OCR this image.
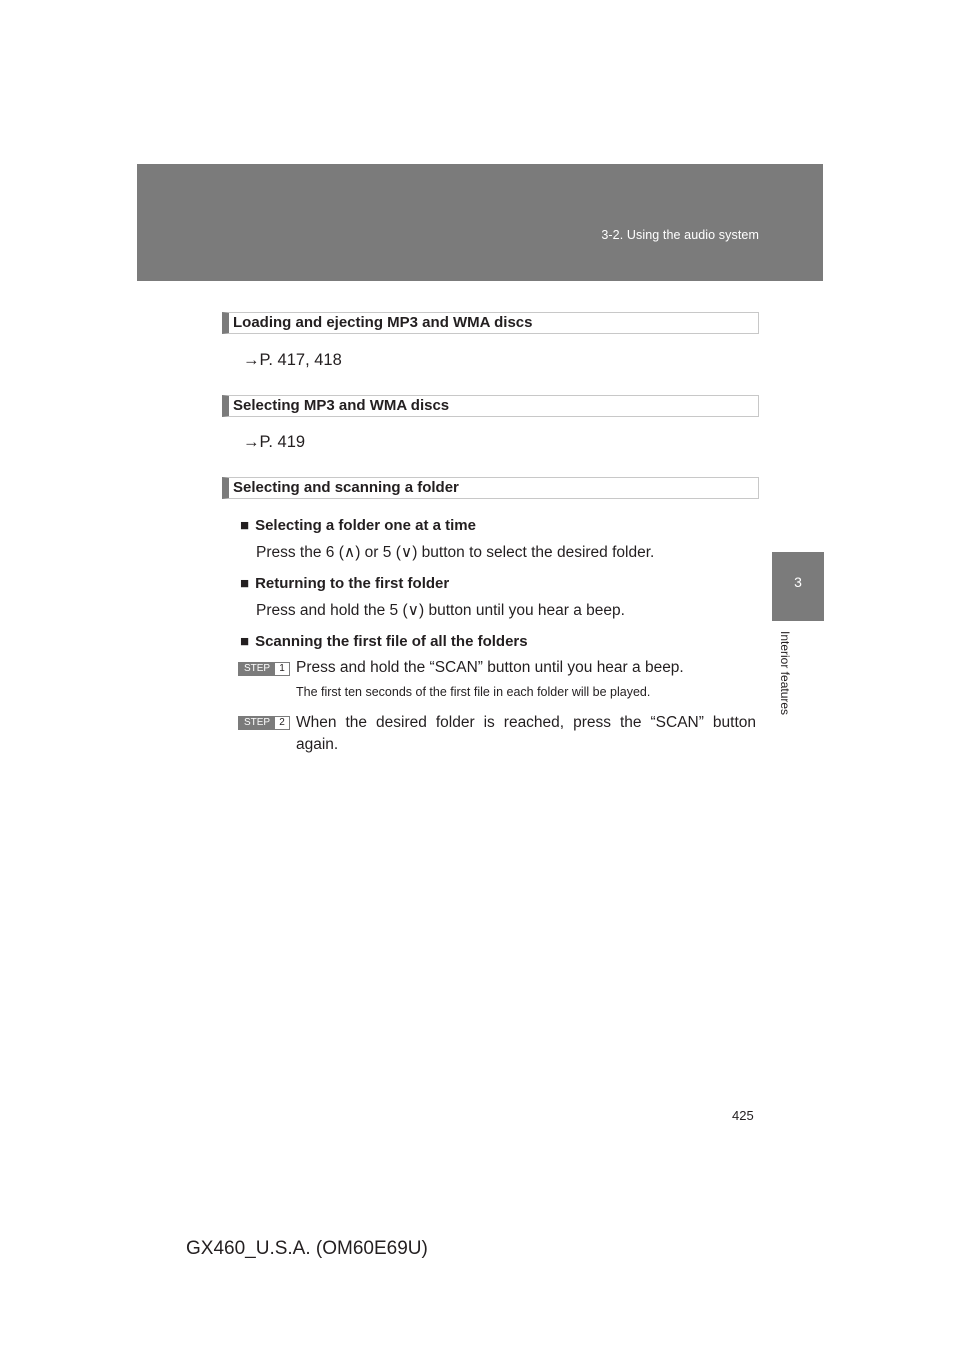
3-2. Using the audio system
3
Interior features
Loading and ejecting MP3 and WMA discs
→P. 417, 418
Selecting MP3 and WMA discs
→P. 419
Selecting and scanning a folder
■ Selecting a folder one at a time
Press the 6 (∧) or 5 (∨) button to select the desired folder.
■ Returning to the first folder
Press and hold the 5 (∨) button until you hear a beep.
■ Scanning the first file of all the folders
STEP 1 Press and hold the “SCAN” button until you hear a beep.
The first ten seconds of the first file in each folder will be played.
STEP 2 When the desired folder is reached, press the “SCAN” button again.
425
GX460_U.S.A. (OM60E69U)
